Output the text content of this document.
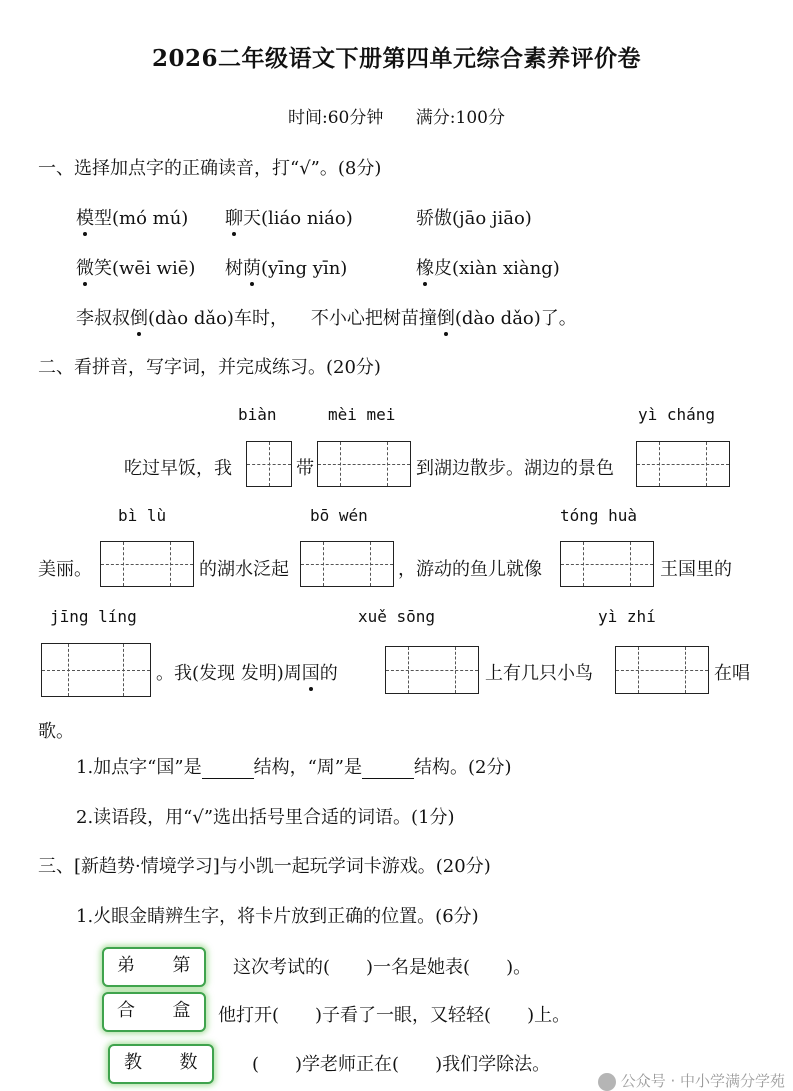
2026二年级语文下册第四单元综合素养评价卷
时间:60分钟 满分:100分
一、选择加点字的正确读音，打“√”。(8分)
模型(mó mú) 聊天(liáo niáo)	骄傲(jāo jiāo)
微笑(wēi wiē) 树荫(yīng yīn)	橡皮(xiàn xiàng)
李叔叔倒(dào dǎo)车时， 不小心把树苗撞倒(dào dǎo)了。
二、看拼音，写字词，并完成练习。(20分)
biàn	mèi mei	yì cháng
吃过早饭，我	带	到湖边散步。湖边的景色
bì lù	bō wén	tóng huà
美丽。	的湖水泛起	，游动的鱼儿就像	王国里的
jīng líng	xuě sōng	yì zhí
。我(发现 发明)周国的	上有几只小鸟	在唱
歌。
1.加点字“国”是	结构，“周”是	结构。(2分)
2.读语段，用“√”选出括号里合适的词语。(1分)
三、[新趋势·情境学习]与小凯一起玩学词卡游戏。(20分)
1.火眼金睛辨生字，将卡片放到正确的位置。(6分)
弟　　第	这次考试的(　　)一名是她表(　　)。
合　　盒	他打开(　　)子看了一眼，又轻轻(　　)上。
教　　数	(　　)学老师正在(　　)我们学除法。
公众号 · 中小学满分学苑
